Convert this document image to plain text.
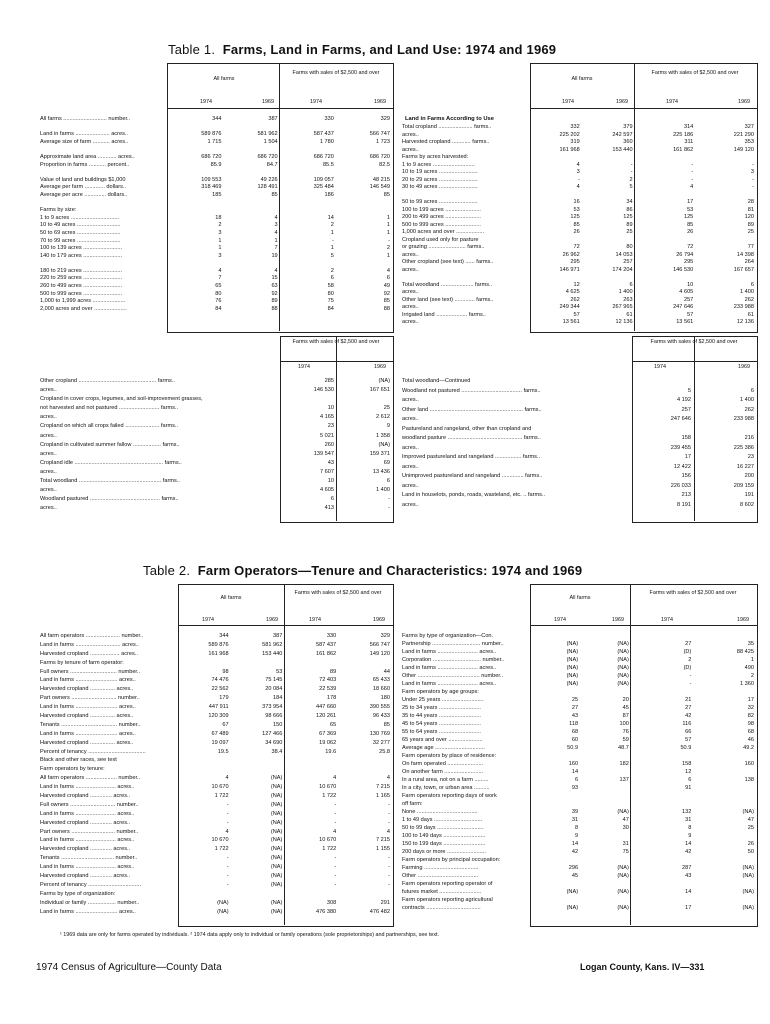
Table 1. Farms, Land in Farms, and Land Use: 1974 and 1969
All farms
Farms with sales of $2,500 and over
1974	1969	1974	1969
All farms ............................ number..	344	387	330	329

Land in farms ...................... acres..	589 876	581 962	587 437	566 747
Average size of farm ........... acres..	1 715	1 504	1 780	1 723

Approximate land area ............ acres..	686 720	686 720	686 720	686 720
Proportion in farms ........... percent..	85.9	84.7	85.5	82.5

Value of land and buildings $1,000	109 553	49 226	109 057	48 215
Average per farm ............. dollars..	318 469	128 491	325 484	146 549
Average per acre .............. dollars..	185	85	186	85

Farms by size:				
1 to 9 acres ...............................	18	4	14	1
10 to 49 acres ............................	2	3	2	1
50 to 69 acres ............................	3	4	1	1
70 to 99 acres ............................	1	1	-	-
100 to 139 acres .........................	1	7	1	2
140 to 179 acres .........................	3	19	5	1

180 to 219 acres .........................	4	4	2	4
220 to 259 acres .........................	7	15	6	6
260 to 499 acres .........................	65	63	58	49
500 to 999 acres .........................	80	92	80	92
1,000 to 1,999 acres .....................	76	89	75	85
2,000 acres and over .....................	84	88	84	88
All farms
Farms with sales of $2,500 and over
1974	1969	1974	1969
Land in Farms According to Use
Total cropland ...................... farms..	332	379	314	327
acres..	225 202	242 597	225 186	221 290
Harvested cropland ............ farms..	319	360	311	353
acres..	161 968	153 440	161 862	149 120
Farms by acres harvested:				
1 to 9 acres ...........................	4	-	-	-
10 to 19 acres .........................	3	-	-	3
20 to 29 acres .........................	-	2	-	-
30 to 49 acres .........................	4	5	4	-

50 to 99 acres .........................	16	34	17	28
100 to 199 acres .......................	53	86	53	81
200 to 499 acres .......................	125	125	125	120
500 to 999 acres .......................	85	89	85	89
1,000 acres and over ..................	26	25	26	25
Cropland used only for pasture				
or grazing ........................ farms..	72	80	72	77
acres..	26 962	14 053	26 794	14 398
Other cropland (see text) ...... farms..	295	257	295	264
acres..	146 971	174 204	146 530	167 657

Total woodland ..................... farms..	12	6	10	6
acres..	4 625	1 400	4 605	1 400
Other land (see text) ............. farms..	262	263	257	262
acres..	249 344	267 965	247 646	233 988
Irrigated land .................... farms..	57	61	57	61
acres..	13 561	12 136	13 561	12 136
Farms with sales of $2,500 and over
1974	1969
Other cropland .................................................. farms..	285	(NA)
acres..	146 530	167 651
Cropland in cover crops, legumes, and soil-improvement grasses,		
not harvested and not pastured .......................... farms..	10	25
acres..	4 165	2 612
Cropland on which all crops failed ...................... farms..	23	9
acres..	5 021	1 358
Cropland in cultivated summer fallow .................. farms..	260	(NA)
acres..	139 547	159 371
Cropland idle ......................................................... farms..	43	69
acres..	7 607	13 436
Total woodland ..................................................... farms..	10	6
acres..	4 605	1 400
Woodland pastured ............................................. farms..	6	-
acres..	413	-
Farms with sales of $2,500 and over
1974	1969
Total woodland—Continued		
Woodland not pastured ....................................... farms..	5	6
acres..	4 192	1 400
Other land ............................................................ farms..	257	262
acres..	247 646	233 988
Pastureland and rangeland, other than cropland and		
woodland pasture ................................................ farms..	158	216
acres..	239 455	225 386
Improved pastureland and rangeland ................. farms..	17	23
acres..	12 422	16 227
Unimproved pastureland and rangeland .............. farms..	156	200
acres..	226 033	209 159
Land in houselots, ponds, roads, wasteland, etc. .. farms..	213	191
acres..	8 191	8 602
Table 2. Farm Operators—Tenure and Characteristics: 1974 and 1969
All farms
Farms with sales of $2,500 and over
1974	1969	1974	1969
All farm operators ...................... number..	344	387	330	329
Land in farms ............................. acres..	589 876	581 962	587 437	566 747
Harvested cropland ................... acres..	161 968	153 440	161 862	149 120
Farms by tenure of farm operator:				
Full owners .............................. number..	98	53	89	44
Land in farms ........................... acres..	74 476	75 145	72 403	65 433
Harvested cropland ................ acres..	22 562	20 084	22 539	18 660
Part owners ............................. number..	179	184	178	180
Land in farms ........................... acres..	447 911	373 954	447 660	390 555
Harvested cropland ................ acres..	120 309	98 666	120 261	96 433
Tenants .................................... number..	67	150	65	85
Land in farms ........................... acres..	67 489	127 466	67 369	130 769
Harvested cropland ................ acres..	19 097	34 690	19 062	32 277
Percent of tenancy .....................................	19.5	38.4	19.6	25.8
Black and other races, see text				
Farm operators by tenure:				
All farm operators .................... number..	4	(NA)	4	4
Land in farms .......................... acres..	10 670	(NA)	10 670	7 215
Harvested cropland .............. acres..	1 722	(NA)	1 722	1 165
Full owners ............................. number..	-	(NA)	-	-
Land in farms .......................... acres..	-	(NA)	-	-
Harvested cropland .............. acres..	-	(NA)	-	-
Part owners ............................ number..	4	(NA)	4	4
Land in farms .......................... acres..	10 670	(NA)	10 670	7 215
Harvested cropland .............. acres..	1 722	(NA)	1 722	1 155
Tenants .................................. number..	-	(NA)	-	-
Land in farms .......................... acres..	-	(NA)	-	-
Harvested cropland .............. acres..	-	(NA)	-	-
Percent of tenancy ..................................	-	(NA)	-	-
Farms by type of organization:				
Individual or family .................. number..	(NA)	(NA)	308	291
Land in farms ........................... acres..	(NA)	(NA)	476 380	476 482
All farms
Farms with sales of $2,500 and over
1974	1969	1974	1969
Farms by type of organization—Con.				
Partnership ............................... number..	(NA)	(NA)	27	35
Land in farms .......................... acres..	(NA)	(NA)	(D)	88 425
Corporation ............................... number..	(NA)	(NA)	2	1
Land in farms .......................... acres..	(NA)	(NA)	(D)	490
Other ........................................ number..	(NA)	(NA)	-	2
Land in farms .......................... acres..	(NA)	(NA)	-	1 360
Farm operators by age groups:				
Under 25 years ...........................	25	20	21	17
25 to 34 years ...........................	27	45	27	32
35 to 44 years ...........................	43	87	42	82
45 to 54 years ...........................	118	100	116	98
55 to 64 years ...........................	68	76	66	68
65 years and over ......................	60	59	57	46
Average age ................................	50.9	48.7	50.9	49.2
Farm operators by place of residence:				
On farm operated .......................	160	182	158	160
On another farm .........................	14		12	
In a rural area, not on a farm .........	6	137	6	138
In a city, town, or urban area ..........	93		91	
Farm operators reporting days of work				
off farm:				
None .......................................	39	(NA)	132	(NA)
1 to 49 days ...............................	31	47	31	47
50 to 99 days ..............................	8	30	8	25
100 to 149 days ...........................	9		9	
150 to 199 days ...........................	14	31	14	26
200 days or more .........................	42	75	42	50
Farm operators by principal occupation:				
Farming ...................................	296	(NA)	287	(NA)
Other .......................................	45	(NA)	43	(NA)
Farm operators reporting operator of				
futures market ...........................	(NA)	(NA)	14	(NA)
Farm operators reporting agricultural				
contracts ...................................	(NA)	(NA)	17	(NA)
¹ 1969 data are only for farms operated by individuals. ² 1974 data apply only to individual or family operations (sole proprietorships) and partnerships, see text.
1974 Census of Agriculture—County Data	Logan County, Kans. IV—331
